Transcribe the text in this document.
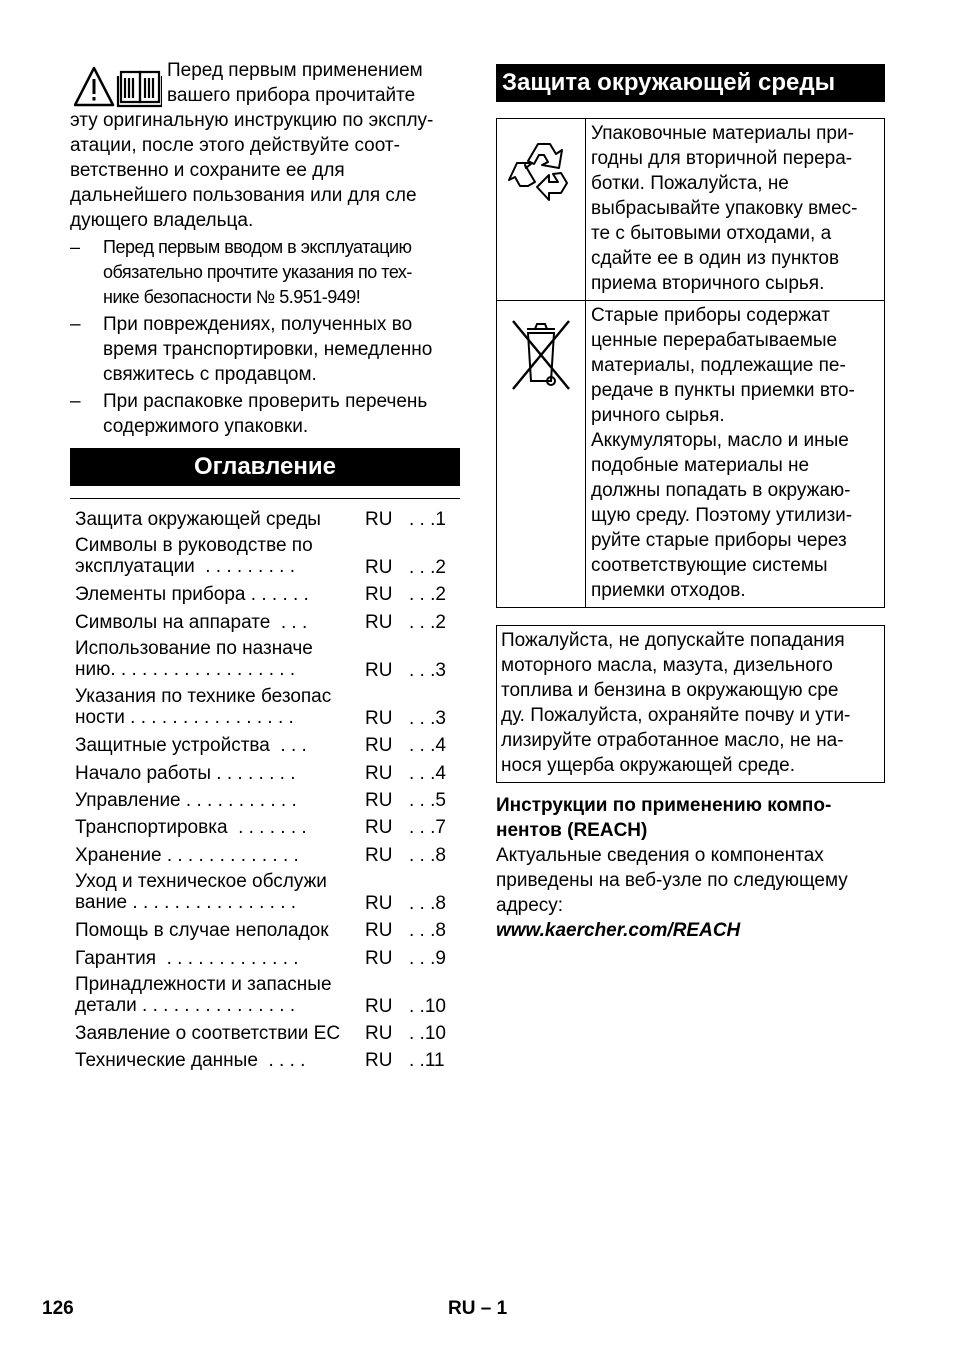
Перед первым применением
вашего прибора прочитайте
эту оригинальную инструкцию по эксплу-
атации, после этого действуйте соот-
ветственно и сохраните ее для
дальнейшего пользования или для сле
дующего владельца.
– Перед первым вводом в эксплуатацию
обязательно прочтите указания по тех-
нике безопасности № 5.951-949!
– При повреждениях, полученных во
время транспортировки, немедленно
свяжитесь с продавцом.
– При распаковке проверить перечень
содержимого упаковки.
Оглавление
Защита окружающей среды RU . . .1
Символы в руководстве по
эксплуатации  . . . . . . . . .	RU . . .2
Элементы прибора . . . . . .	RU . . .2
Символы на аппарате  . . .	RU . . .2
Использование по назначе
нию. . . . . . . . . . . . . . . . . .	RU . . .3
Указания по технике безопас
ности . . . . . . . . . . . . . . . .	RU . . .3
Защитные устройства  . . .	RU . . .4
Начало работы . . . . . . . .	RU . . .4
Управление . . . . . . . . . . .	RU . . .5
Транспортировка  . . . . . . .	RU . . .7
Хранение . . . . . . . . . . . . .	RU . . .8
Уход и техническое обслужи
вание . . . . . . . . . . . . . . . .	RU . . .8
Помощь в случае неполадок RU . . .8
Гарантия  . . . . . . . . . . . . .	RU . . .9
Принадлежности и запасные
детали . . . . . . . . . . . . . . .	RU . .10
Заявление о соответствии ЕС RU . .10
Технические данные  . . . .	RU . .11
Защита окружающей среды
Упаковочные материалы при-
годны для вторичной перера-
ботки. Пожалуйста, не
выбрасывайте упаковку вмес-
те с бытовыми отходами, а
сдайте ее в один из пунктов
приема вторичного сырья.
Старые приборы содержат
ценные перерабатываемые
материалы, подлежащие пе-
редаче в пункты приемки вто-
ричного сырья.
Аккумуляторы, масло и иные
подобные материалы не
должны попадать в окружаю-
щую среду. Поэтому утилизи-
руйте старые приборы через
соответствующие системы
приемки отходов.
Пожалуйста, не допускайте попадания
моторного масла, мазута, дизельного
топлива и бензина в окружающую сре
ду. Пожалуйста, охраняйте почву и ути-
лизируйте отработанное масло, не на-
нося ущерба окружающей среде.
Инструкции по применению компо-
нентов (REACH)
Актуальные сведения о компонентах
приведены на веб-узле по следующему
адресу:
www.kaercher.com/REACH
126	RU – 1
